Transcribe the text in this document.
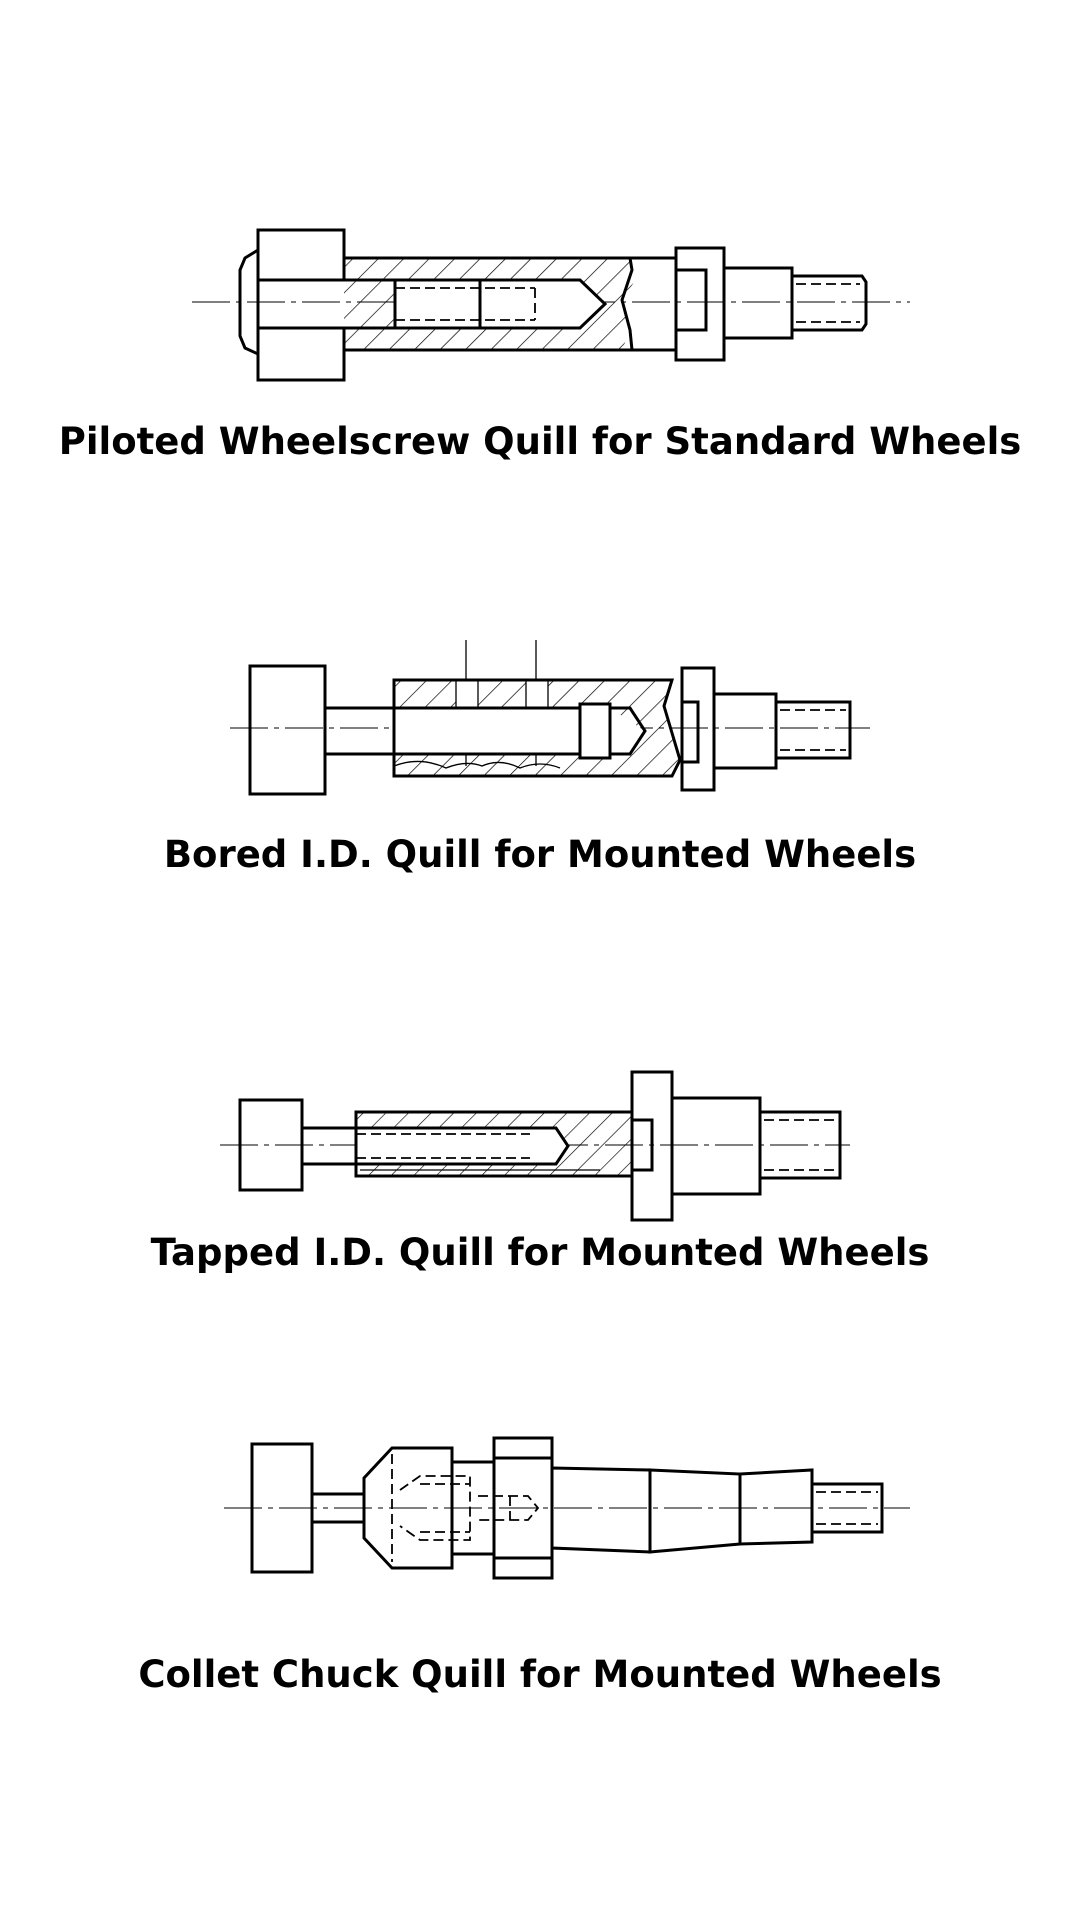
Piloted Wheelscrew Quill for Standard Wheels
Bored I.D. Quill for Mounted Wheels
Tapped I.D. Quill for Mounted Wheels
Collet Chuck Quill for Mounted Wheels
